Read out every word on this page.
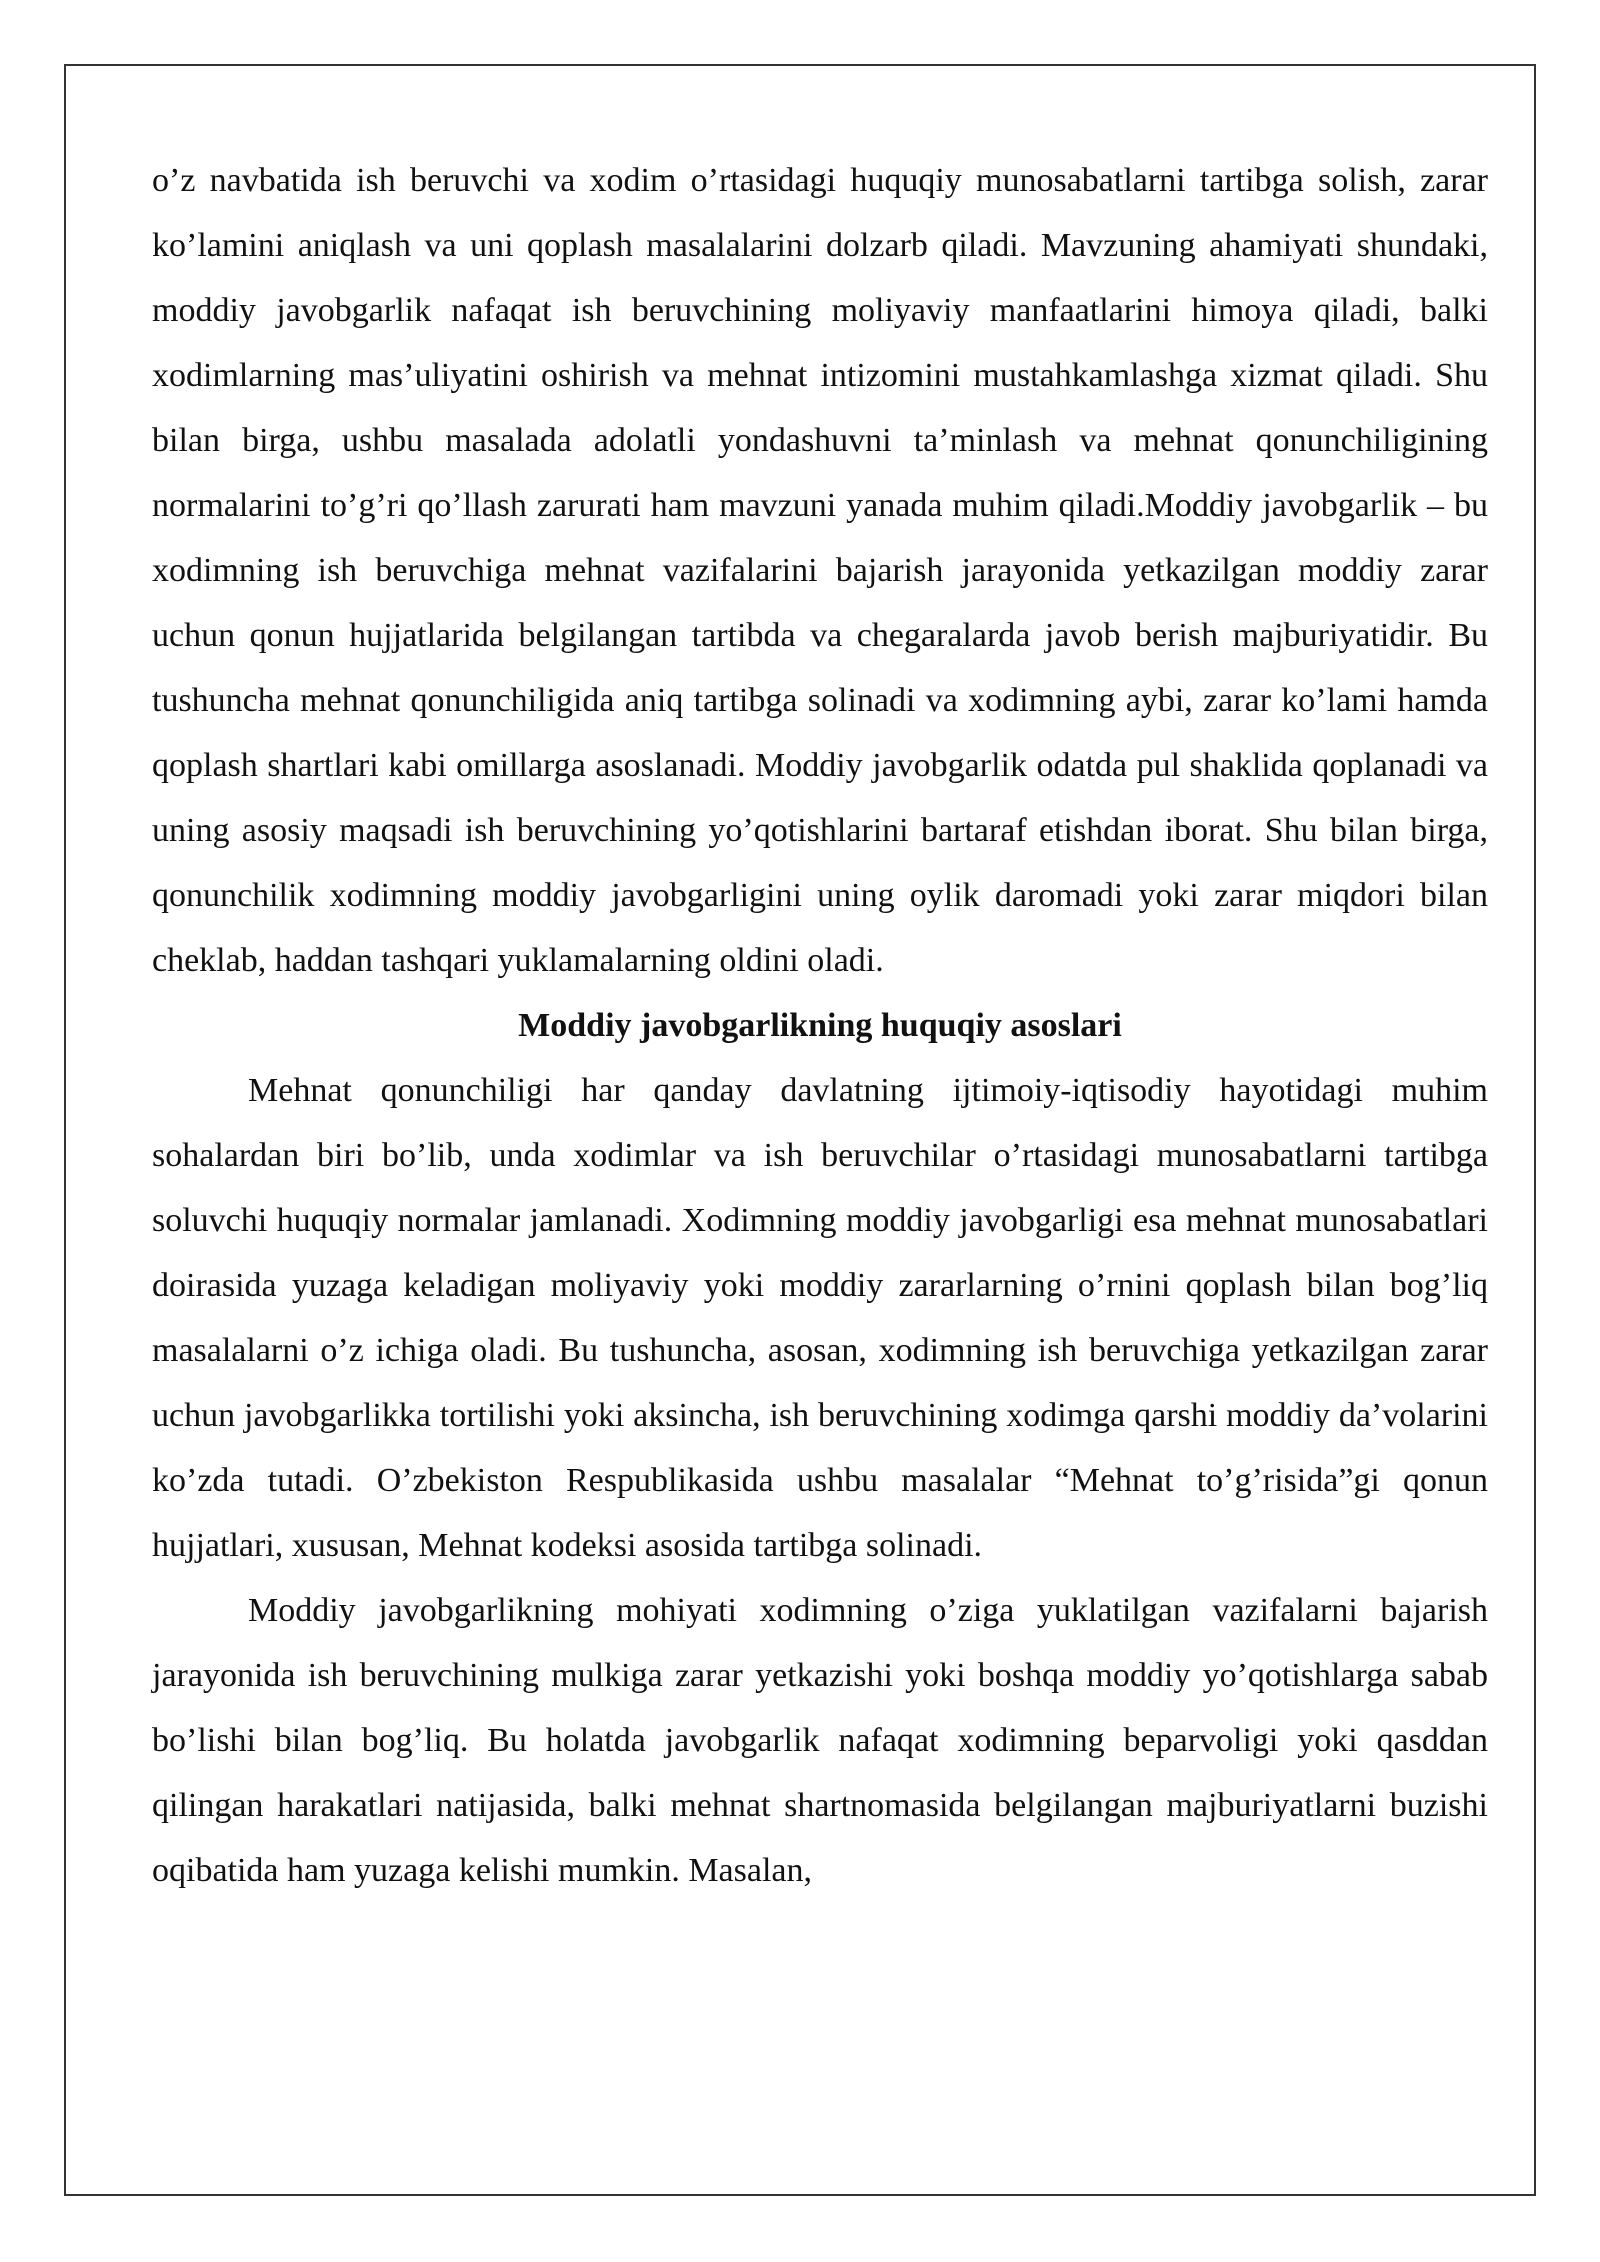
o’z navbatida ish beruvchi va xodim o’rtasidagi huquqiy munosabatlarni tartibga solish, zarar ko’lamini aniqlash va uni qoplash masalalarini dolzarb qiladi. Mavzuning ahamiyati shundaki, moddiy javobgarlik nafaqat ish beruvchining moliyaviy manfaatlarini himoya qiladi, balki xodimlarning mas’uliyatini oshirish va mehnat intizomini mustahkamlashga xizmat qiladi. Shu bilan birga, ushbu masalada adolatli yondashuvni ta’minlash va mehnat qonunchiligining normalarini to’g’ri qo’llash zarurati ham mavzuni yanada muhim qiladi.Moddiy javobgarlik – bu xodimning ish beruvchiga mehnat vazifalarini bajarish jarayonida yetkazilgan moddiy zarar uchun qonun hujjatlarida belgilangan tartibda va chegaralarda javob berish majburiyatidir. Bu tushuncha mehnat qonunchiligida aniq tartibga solinadi va xodimning aybi, zarar ko’lami hamda qoplash shartlari kabi omillarga asoslanadi. Moddiy javobgarlik odatda pul shaklida qoplanadi va uning asosiy maqsadi ish beruvchining yo’qotishlarini bartaraf etishdan iborat. Shu bilan birga, qonunchilik xodimning moddiy javobgarligini uning oylik daromadi yoki zarar miqdori bilan cheklab, haddan tashqari yuklamalarning oldini oladi.

Moddiy javobgarlikning huquqiy asoslari

Mehnat qonunchiligi har qanday davlatning ijtimoiy-iqtisodiy hayotidagi muhim sohalardan biri bo’lib, unda xodimlar va ish beruvchilar o’rtasidagi munosabatlarni tartibga soluvchi huquqiy normalar jamlanadi. Xodimning moddiy javobgarligi esa mehnat munosabatlari doirasida yuzaga keladigan moliyaviy yoki moddiy zararlarning o’rnini qoplash bilan bog’liq masalalarni o’z ichiga oladi. Bu tushuncha, asosan, xodimning ish beruvchiga yetkazilgan zarar uchun javobgarlikka tortilishi yoki aksincha, ish beruvchining xodimga qarshi moddiy da’volarini ko’zda tutadi. O’zbekiston Respublikasida ushbu masalalar “Mehnat to’g’risida”gi qonun hujjatlari, xususan, Mehnat kodeksi asosida tartibga solinadi.

Moddiy javobgarlikning mohiyati xodimning o’ziga yuklatilgan vazifalarni bajarish jarayonida ish beruvchining mulkiga zarar yetkazishi yoki boshqa moddiy yo’qotishlarga sabab bo’lishi bilan bog’liq. Bu holatda javobgarlik nafaqat xodimning beparvoligi yoki qasddan qilingan harakatlari natijasida, balki mehnat shartnomasida belgilangan majburiyatlarni buzishi oqibatida ham yuzaga kelishi mumkin. Masalan,
